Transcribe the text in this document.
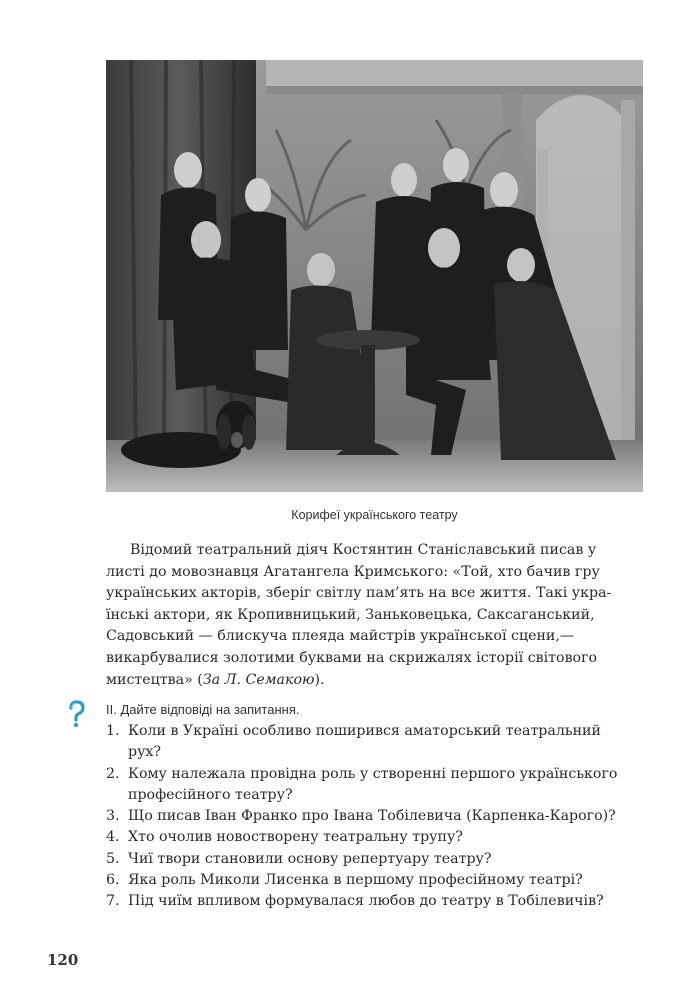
Корифеї українського театру

Відомий театральний діяч Костянтин Станіславський писав у
листі до мовознавця Агатангела Кримського: «Той, хто бачив гру
українських акторів, зберіг світлу пам’ять на все життя. Такі укра-
їнські актори, як Кропивницький, Заньковецька, Саксаганський,
Садовський — блискуча плеяда майстрів української сцени,—
викарбувалися золотими буквами на скрижалях історії світового
мистецтва» (За Л. Семакою).

ІІ. Дайте відповіді на запитання.
1. Коли в Україні особливо поширився аматорський театральний
рух?
2. Кому належала провідна роль у створенні першого українського
професійного театру?
3. Що писав Іван Франко про Івана Тобілевича (Карпенка-Карого)?
4. Хто очолив новостворену театральну трупу?
5. Чиї твори становили основу репертуару театру?
6. Яка роль Миколи Лисенка в першому професійному театрі?
7. Під чиїм впливом формувалася любов до театру в Тобілевичів?
120
